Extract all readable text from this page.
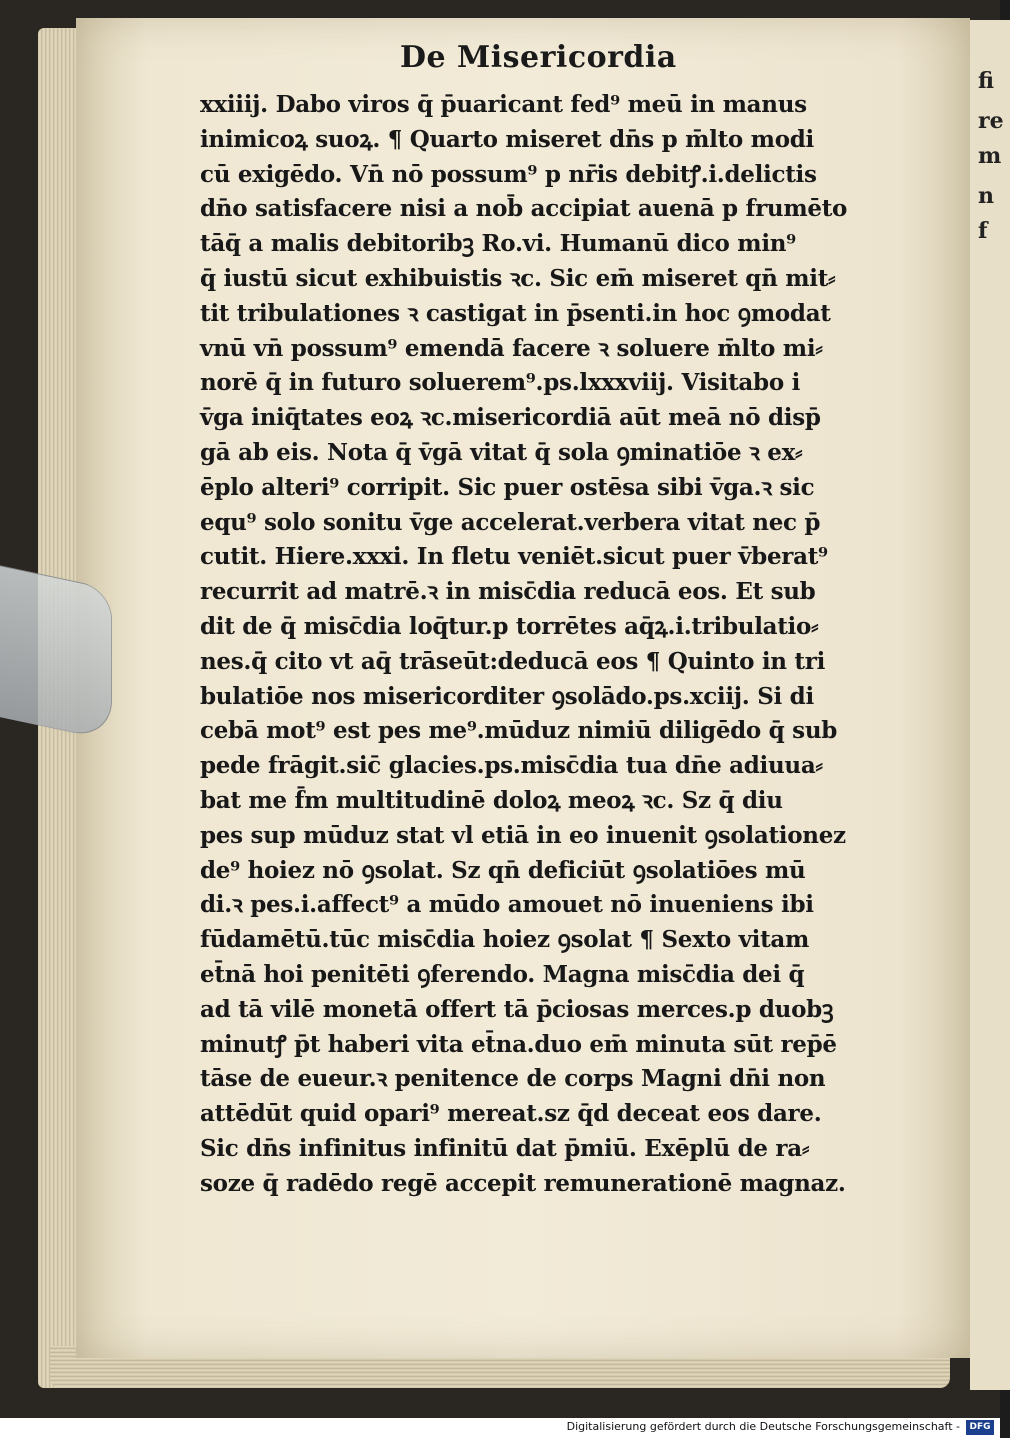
De Misericordia
xxiiij. Dabo viros q̄ p̄uaricant fed⁹ meū in manus
inimicoꝝ suoꝝ. ¶ Quarto miseret dn̄s p m̄lto modi
cū exigēdo. Vn̄ nō possum⁹ p nr̄is debitꝭ.i.delictis
dn̄o satisfacere nisi a nob̄ accipiat auenā p frumēto
tāq̄ a malis debitoribꝫ Ro.vi. Humanū dico min⁹
q̄ iustū sicut exhibuistis ꝛc. Sic em̄ miseret qn̄ mit⸗
tit tribulationes ꝛ castigat in p̄senti.in hoc ꝯmodat
vnū vn̄ possum⁹ emendā facere ꝛ soluere m̄lto mi⸗
norē q̄ in futuro soluerem⁹.ps.lxxxviij. Visitabo i
v̄ga iniq̄tates eoꝝ ꝛc.misericordiā aūt meā nō disp̄
gā ab eis. Nota q̄ v̄gā vitat q̄ sola ꝯminatiōe ꝛ ex⸗
ēplo alteri⁹ corripit. Sic puer ostēsa sibi v̄ga.ꝛ sic
equ⁹ solo sonitu v̄ge accelerat.verbera vitat nec p̄
cutit. Hiere.xxxi. In fletu veniēt.sicut puer v̄berat⁹
recurrit ad matrē.ꝛ in misc̄dia reducā eos. Et sub
dit de q̄ misc̄dia loq̄tur.p torrētes aq̄ꝝ.i.tribulatio⸗
nes.q̄ cito vt aq̄ trāseūt:deducā eos ¶ Quinto in tri
bulatiōe nos misericorditer ꝯsolādo.ps.xciij. Si di
cebā mot⁹ est pes me⁹.mūduz nimiū diligēdo q̄ sub
pede frāgit.sic̄ glacies.ps.misc̄dia tua dn̄e adiuua⸗
bat me f̄m multitudinē doloꝝ meoꝝ ꝛc. Sz q̄ diu
pes sup mūduz stat vl etiā in eo inuenit ꝯsolationez
de⁹ hoiez nō ꝯsolat. Sz qn̄ deficiūt ꝯsolatiōes mū
di.ꝛ pes.i.affect⁹ a mūdo amouet nō inueniens ibi
fūdamētū.tūc misc̄dia hoiez ꝯsolat ¶ Sexto vitam
et̄nā hoi penitēti ꝯferendo. Magna misc̄dia dei q̄
ad tā vilē monetā offert tā p̄ciosas merces.p duobꝫ
minutꝭ p̄t haberi vita et̄na.duo em̄ minuta sūt rep̄ē
tāse de eueur.ꝛ penitence de corps Magni dn̄i non
attēdūt quid opari⁹ mereat.sz q̄d deceat eos dare.
Sic dn̄s infinitus infinitū dat p̄miū. Exēplū de ra⸗
soze q̄ radēdo regē accepit remunerationē magnaz.
fi
re
m
n
f
Digitalisierung gefördert durch die Deutsche Forschungsgemeinschaft -	DFG
